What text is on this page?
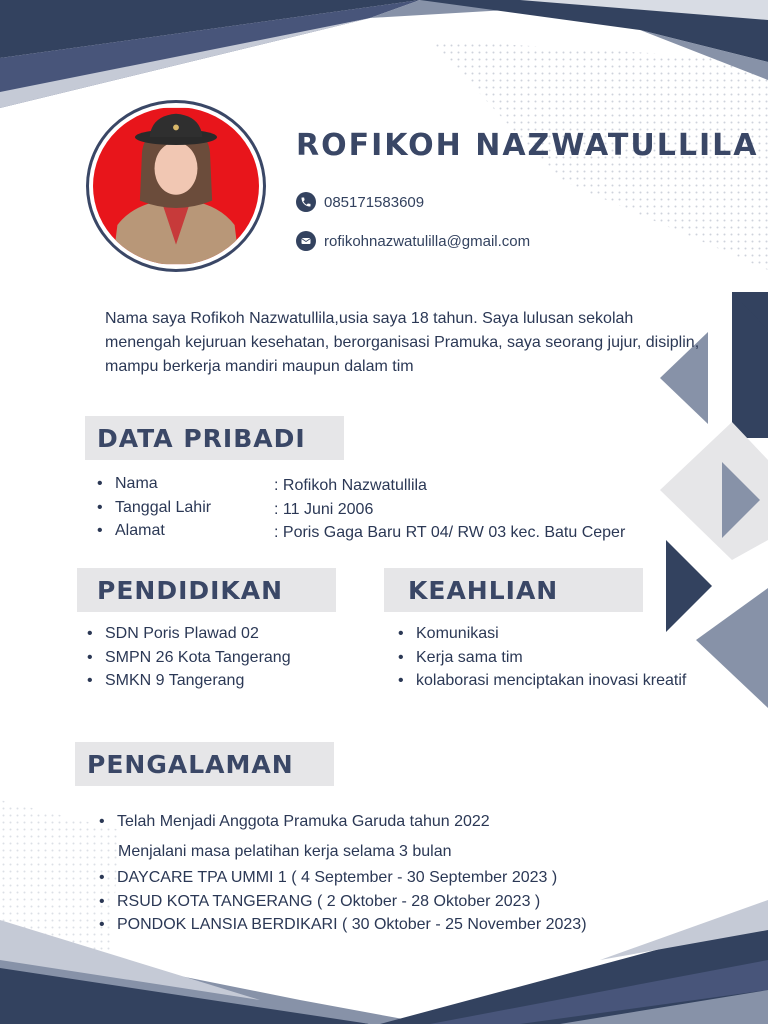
ROFIKOH NAZWATULLILA
085171583609
rofikohnazwatulilla@gmail.com

Nama saya Rofikoh Nazwatullila,usia saya 18 tahun. Saya lulusan sekolah menengah kejuruan kesehatan, berorganisasi Pramuka, saya seorang jujur, disiplin, mampu berkerja mandiri maupun dalam tim

DATA PRIBADI
• Nama
• Tanggal Lahir
• Alamat
: Rofikoh Nazwatullila
: 11 Juni 2006
: Poris Gaga Baru RT 04/ RW 03 kec. Batu Ceper
PENDIDIKAN
• SDN Poris Plawad 02
• SMPN 26 Kota Tangerang
• SMKN 9 Tangerang
KEAHLIAN
• Komunikasi
• Kerja sama tim
• kolaborasi menciptakan inovasi kreatif
PENGALAMAN
• Telah Menjadi Anggota Pramuka Garuda tahun 2022
Menjalani masa pelatihan kerja selama 3 bulan
• DAYCARE TPA UMMI 1 ( 4 September - 30 September 2023 )
• RSUD KOTA TANGERANG ( 2 Oktober - 28 Oktober 2023 )
• PONDOK LANSIA BERDIKARI ( 30 Oktober - 25 November 2023)
